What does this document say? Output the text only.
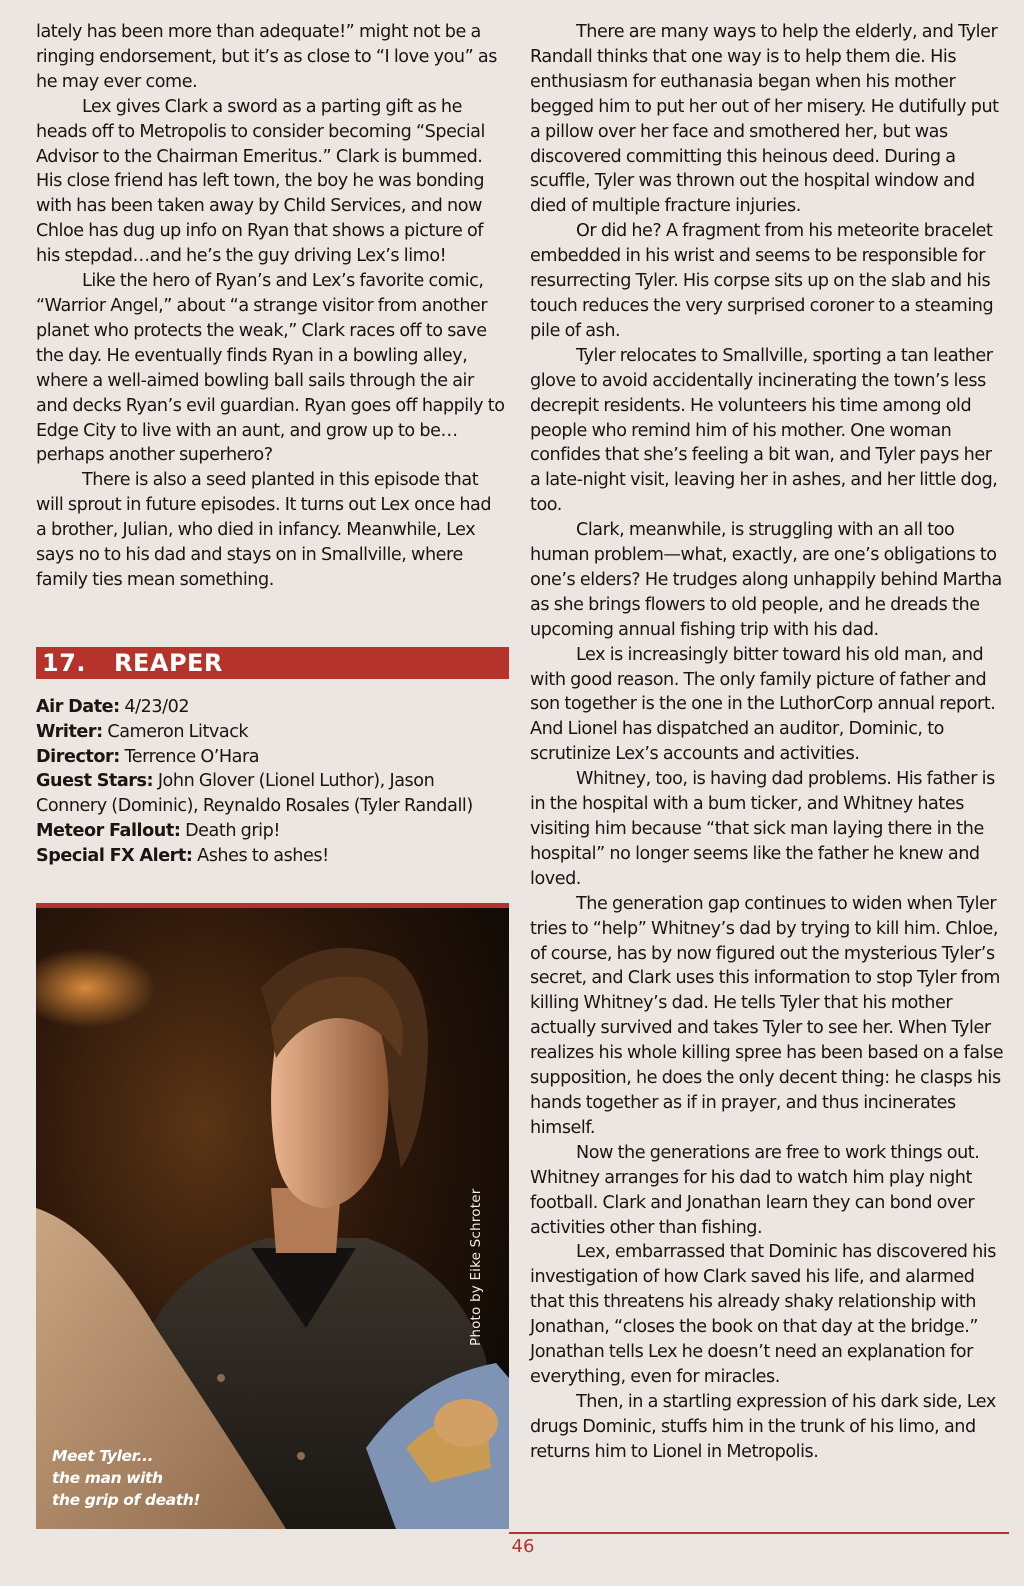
lately has been more than adequate!” might not be a ringing endorsement, but it’s as close to “I love you” as he may ever come.

Lex gives Clark a sword as a parting gift as he heads off to Metropolis to consider becoming “Special Advisor to the Chairman Emeritus.” Clark is bummed. His close friend has left town, the boy he was bonding with has been taken away by Child Services, and now Chloe has dug up info on Ryan that shows a picture of his stepdad…and he’s the guy driving Lex’s limo!

Like the hero of Ryan’s and Lex’s favorite comic, “Warrior Angel,” about “a strange visitor from another planet who protects the weak,” Clark races off to save the day. He eventually finds Ryan in a bowling alley, where a well-aimed bowling ball sails through the air and decks Ryan’s evil guardian. Ryan goes off happily to Edge City to live with an aunt, and grow up to be… perhaps another superhero?

There is also a seed planted in this episode that will sprout in future episodes. It turns out Lex once had a brother, Julian, who died in infancy. Meanwhile, Lex says no to his dad and stays on in Smallville, where family ties mean something.

17. REAPER
Air Date: 4/23/02
Writer: Cameron Litvack
Director: Terrence O’Hara
Guest Stars: John Glover (Lionel Luthor), Jason Connery (Dominic), Reynaldo Rosales (Tyler Randall)
Meteor Fallout: Death grip!
Special FX Alert: Ashes to ashes!
Meet Tyler...
the man with
the grip of death!
Photo by Eike Schroter

There are many ways to help the elderly, and Tyler Randall thinks that one way is to help them die. His enthusiasm for euthanasia began when his mother begged him to put her out of her misery. He dutifully put a pillow over her face and smothered her, but was discovered committing this heinous deed. During a scuffle, Tyler was thrown out the hospital window and died of multiple fracture injuries.

Or did he? A fragment from his meteorite bracelet embedded in his wrist and seems to be responsible for resurrecting Tyler. His corpse sits up on the slab and his touch reduces the very surprised coroner to a steaming pile of ash.

Tyler relocates to Smallville, sporting a tan leather glove to avoid accidentally incinerating the town’s less decrepit residents. He volunteers his time among old people who remind him of his mother. One woman confides that she’s feeling a bit wan, and Tyler pays her a late-night visit, leaving her in ashes, and her little dog, too.

Clark, meanwhile, is struggling with an all too human problem—what, exactly, are one’s obligations to one’s elders? He trudges along unhappily behind Martha as she brings flowers to old people, and he dreads the upcoming annual fishing trip with his dad.

Lex is increasingly bitter toward his old man, and with good reason. The only family picture of father and son together is the one in the LuthorCorp annual report. And Lionel has dispatched an auditor, Dominic, to scrutinize Lex’s accounts and activities.

Whitney, too, is having dad problems. His father is in the hospital with a bum ticker, and Whitney hates visiting him because “that sick man laying there in the hospital” no longer seems like the father he knew and loved.

The generation gap continues to widen when Tyler tries to “help” Whitney’s dad by trying to kill him. Chloe, of course, has by now figured out the mysterious Tyler’s secret, and Clark uses this information to stop Tyler from killing Whitney’s dad. He tells Tyler that his mother actually survived and takes Tyler to see her. When Tyler realizes his whole killing spree has been based on a false supposition, he does the only decent thing: he clasps his hands together as if in prayer, and thus incinerates himself.

Now the generations are free to work things out. Whitney arranges for his dad to watch him play night football. Clark and Jonathan learn they can bond over activities other than fishing.

Lex, embarrassed that Dominic has discovered his investigation of how Clark saved his life, and alarmed that this threatens his already shaky relationship with Jonathan, “closes the book on that day at the bridge.” Jonathan tells Lex he doesn’t need an explanation for everything, even for miracles.

Then, in a startling expression of his dark side, Lex drugs Dominic, stuffs him in the trunk of his limo, and returns him to Lionel in Metropolis.

46
